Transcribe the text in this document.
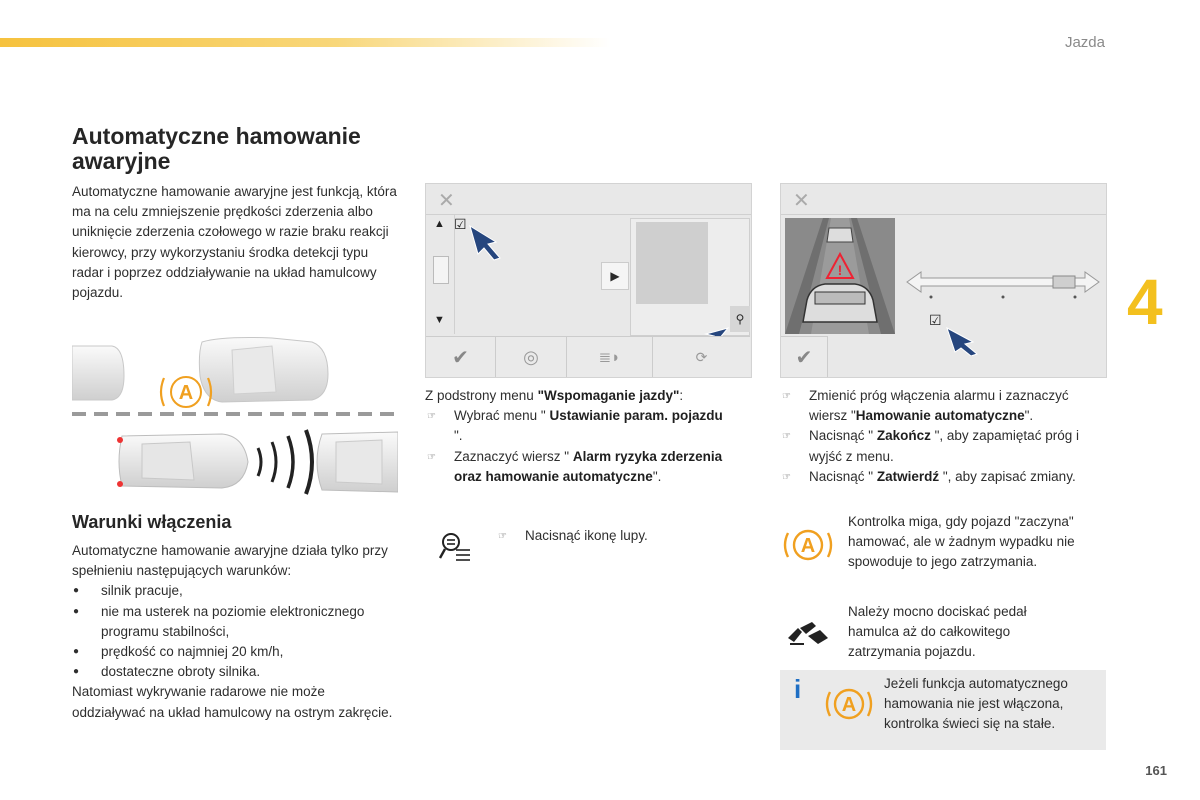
Jazda
4
161
Automatyczne hamowanie awaryjne

Automatyczne hamowanie awaryjne jest funkcją, która ma na celu zmniejszenie prędkości zderzenia albo uniknięcie zderzenia czołowego w razie braku reakcji kierowcy, przy wykorzystaniu środka detekcji typu radar i poprzez oddziaływanie na układ hamulcowy pojazdu.

A
Warunki włączenia

Automatyczne hamowanie awaryjne działa tylko przy spełnieniu następujących warunków:

● silnik pracuje,
● nie ma usterek na poziomie elektronicznego programu stabilności,
● prędkość co najmniej 20 km/h,
● dostateczne obroty silnika.

Natomiast wykrywanie radarowe nie może oddziaływać na układ hamulcowy na ostrym zakręcie.

✕
▲
▼
☑
▶
⚲
✔	◎	≣◗	⟳

Z podstrony menu "Wspomaganie jazdy":

☞ Wybrać menu " Ustawianie param. pojazdu ".
☞ Zaznaczyć wiersz " Alarm ryzyka zderzenia oraz hamowanie automatyczne".
☞ Nacisnąć ikonę lupy.
✕
!
☑
✔
☞ Zmienić próg włączenia alarmu i zaznaczyć wiersz "Hamowanie automatyczne".
☞ Nacisnąć " Zakończ ", aby zapamiętać próg i wyjść z menu.
☞ Nacisnąć " Zatwierdź ", aby zapisać zmiany.
A

Kontrolka miga, gdy pojazd "zaczyna" hamować, ale w żadnym wypadku nie spowoduje to jego zatrzymania.

Należy mocno dociskać pedał hamulca aż do całkowitego zatrzymania pojazdu.

i
A

Jeżeli funkcja automatycznego hamowania nie jest włączona, kontrolka świeci się na stałe.
